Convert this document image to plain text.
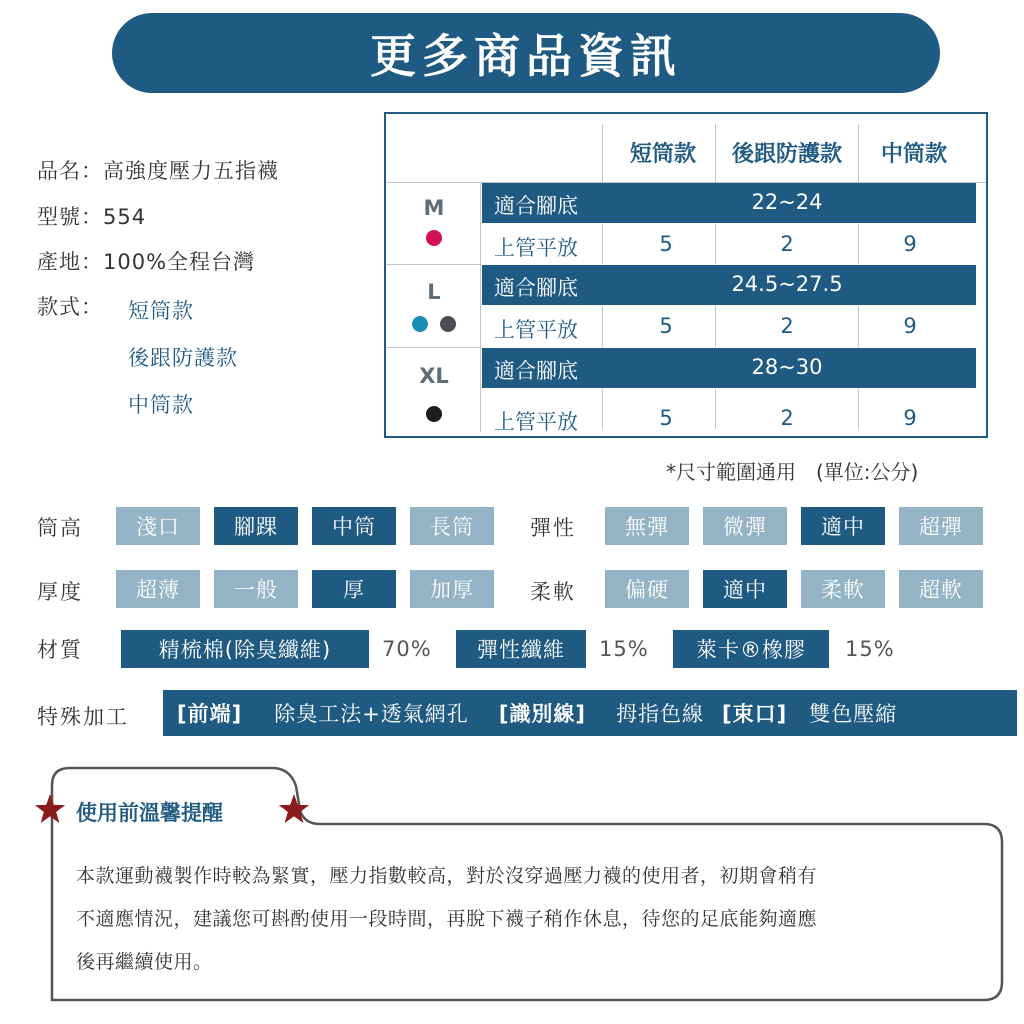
更多商品資訊
品名：高強度壓力五指襪
型號：554
產地：100%全程台灣
款式： 短筒款
後跟防護款
中筒款
短筒款	後跟防護款	中筒款
M	適合腳底	22~24
上管平放	5	2	9
L	適合腳底	24.5~27.5
上管平放	5	2	9
XL 適合腳底	28~30
上管平放	5	2	9
*尺寸範圍通用　(單位:公分)
筒高	淺口	腳踝	中筒	長筒	彈性	無彈	微彈	適中	超彈
厚度	超薄	一般	厚	加厚	柔軟	偏硬	適中	柔軟	超軟
材質	精梳棉(除臭纖維)	70%	彈性纖維	15%	萊卡®橡膠	15%
特殊加工 [前端] 除臭工法+透氣網孔 [識別線] 拇指色線 [束口] 雙色壓縮
使用前溫馨提醒
本款運動襪製作時較為緊實，壓力指數較高，對於沒穿過壓力襪的使用者，初期會稍有
不適應情況，建議您可斟酌使用一段時間，再脫下襪子稍作休息，待您的足底能夠適應
後再繼續使用。
